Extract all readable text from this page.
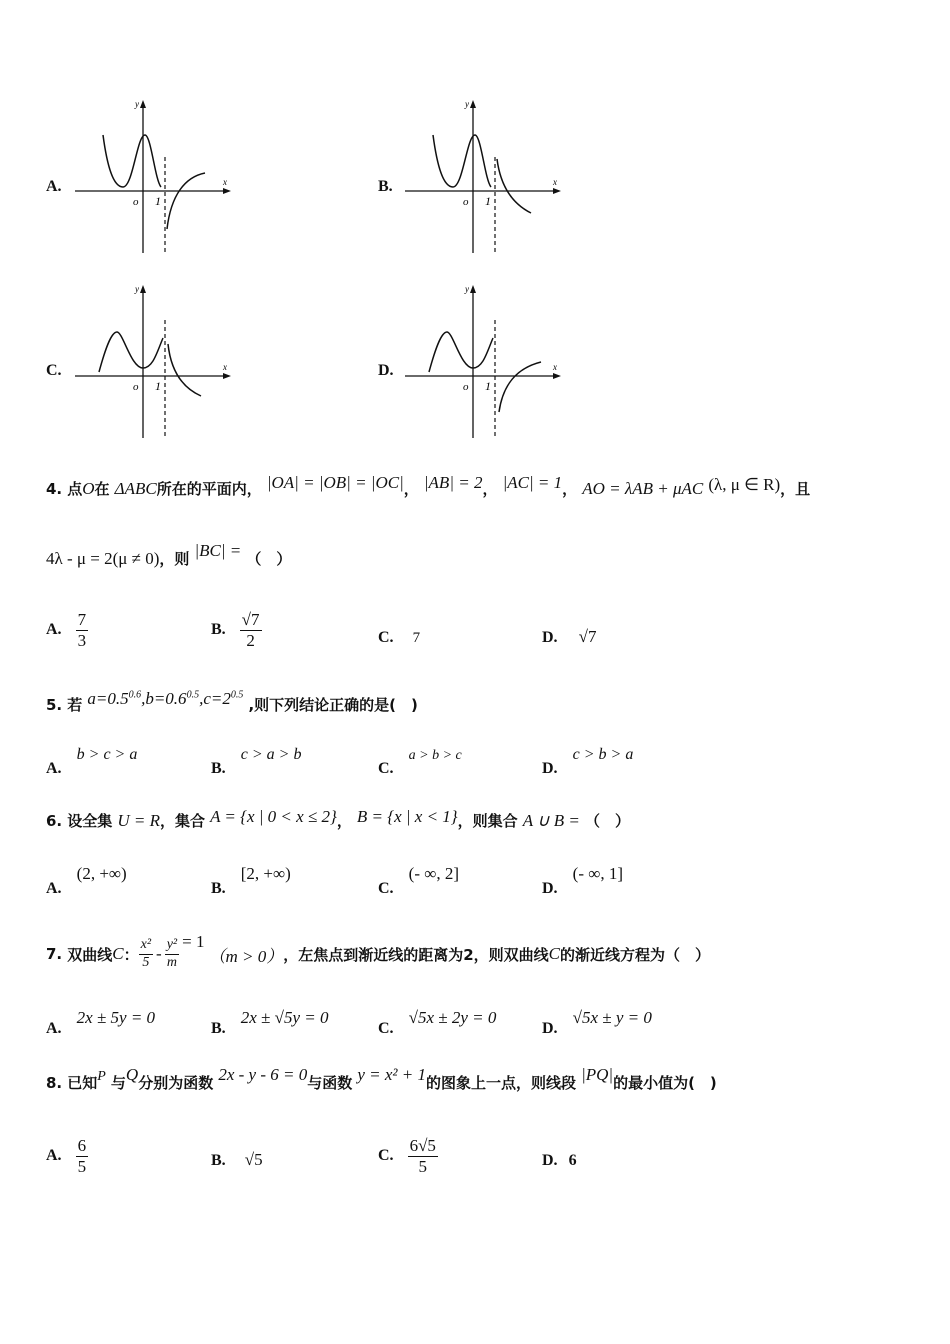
A.
o 1
x
y
B.
o 1
x
y
C.
o 1
x
y
D.
o 1
x
y
4. 点O在 ΔABC所在的平面内， |OA| = |OB| = |OC|， |AB| = 2， |AC| = 1， AO = λAB + μAC (λ, μ ∈ R)，且
4λ - μ = 2(μ ≠ 0)，则 |BC| = （　）
A. $\frac{7}{3}$	B. $\frac{√7}{2}$	C. 7	D. √7
5. 若 $a=0.5^{0.6},b=0.6^{0.5},c=2^{0.5}$ ,则下列结论正确的是(　)
A. b > c > a
B. c > a > b
C. a > b > c
D. c > b > a
6. 设全集 U = R，集合 A = {x | 0 < x ≤ 2}， B = {x | x < 1}，则集合 A ∪ B = （　）
A. (2, +∞)
B. [2, +∞)
C. (- ∞, 2]
D. (- ∞, 1]
7.
双曲线 C ： $\frac{\text{x²}}{5} - \frac{\text{y²}}{m} = 1$
（m > 0） ，左焦点到渐近线的距离为2，则双曲线 C 的渐近线方程为（　）
A. 2x ± 5y = 0
B. 2x ± √5y = 0
C. √5x ± 2y = 0
D. √5x ± y = 0
8. 已知P 与Q分别为函数 2x - y - 6 = 0与函数 y = x² + 1的图象上一点，则线段 |PQ|的最小值为(　)
A. $\frac{6}{5}$	B. √5	C. $\frac{6√5}{5}$	D. 6
